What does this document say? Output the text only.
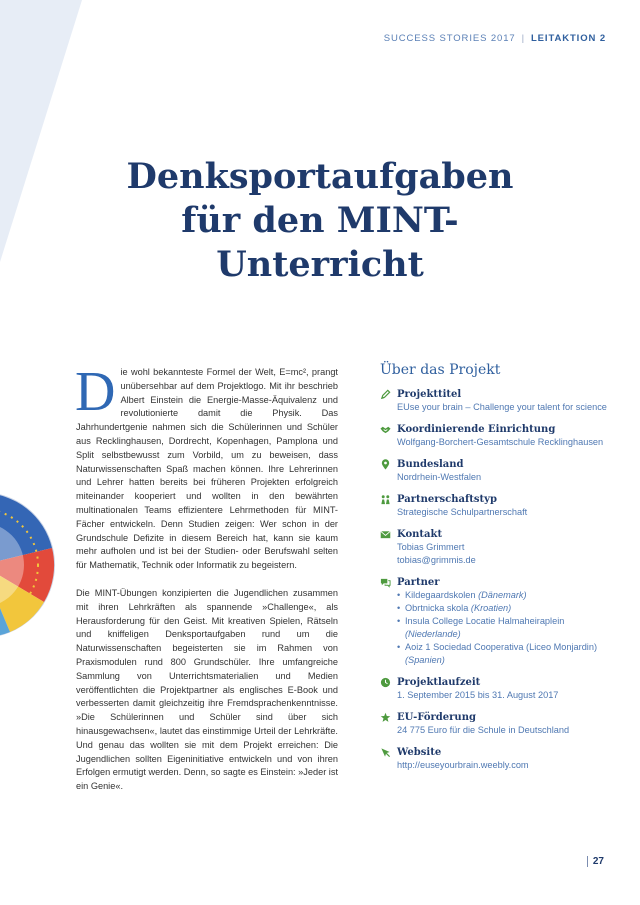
SUCCESS STORIES 2017 | LEITAKTION 2
Denksportaufgaben
für den MINT-
Unterricht

Die wohl bekannteste Formel der Welt, E=mc², prangt unübersehbar auf dem Projektlogo. Mit ihr beschrieb Albert Einstein die Energie-Masse-Äquivalenz und revolutionierte damit die Physik. Das Jahrhundertgenie nahmen sich die Schülerinnen und Schüler aus Recklinghausen, Dordrecht, Kopenhagen, Pamplona und Split selbstbewusst zum Vorbild, um zu beweisen, dass Naturwissenschaften Spaß machen können. Ihre Lehrerinnen und Lehrer hatten bereits bei früheren Projekten erfolgreich miteinander kooperiert und wollten in den bewährten multinationalen Teams effizientere Lehrmethoden für MINT-Fächer entwickeln. Denn Studien zeigen: Wer schon in der Grundschule Defizite in diesem Bereich hat, kann sie kaum mehr aufholen und ist bei der Studien- oder Berufswahl selten für Mathematik, Technik oder Informatik zu begeistern.

Die MINT-Übungen konzipierten die Jugendlichen zusammen mit ihren Lehrkräften als spannende »Challenge«, als Herausforderung für den Geist. Mit kreativen Spielen, Rätseln und kniffeligen Denksportaufgaben rund um die Naturwissenschaften begeisterten sie im Rahmen von Praxismodulen rund 800 Grundschüler. Ihre umfangreiche Sammlung von Unterrichtsmaterialien und Medien veröffentlichten die Projektpartner als englisches E-Book und verbesserten damit gleichzeitig ihre Fremdsprachenkenntnisse. »Die Schülerinnen und Schüler sind über sich hinausgewachsen«, lautet das einstimmige Urteil der Lehrkräfte. Und genau das wollten sie mit dem Projekt erreichen: Die Jugendlichen sollten Eigeninitiative entwickeln und von ihren Erfolgen ermutigt werden. Denn, so sagte es Einstein: »Jeder ist ein Genie«.

Über das Projekt
Projekttitel
EUse your brain – Challenge your talent for science
Koordinierende Einrichtung
Wolfgang-Borchert-Gesamtschule Recklinghausen
Bundesland
Nordrhein-Westfalen
Partnerschaftstyp
Strategische Schulpartnerschaft
Kontakt
Tobias Grimmert
tobias@grimmis.de
Partner
• Kildegaardskolen (Dänemark)
• Obrtnicka skola (Kroatien)
• Insula College Locatie Halmaheiraplein (Niederlande)
• Aoiz 1 Sociedad Cooperativa (Liceo Monjardin) (Spanien)
Projektlaufzeit
1. September 2015 bis 31. August 2017
EU-Förderung
24 775 Euro für die Schule in Deutschland
Website
http://euseyourbrain.weebly.com
27
